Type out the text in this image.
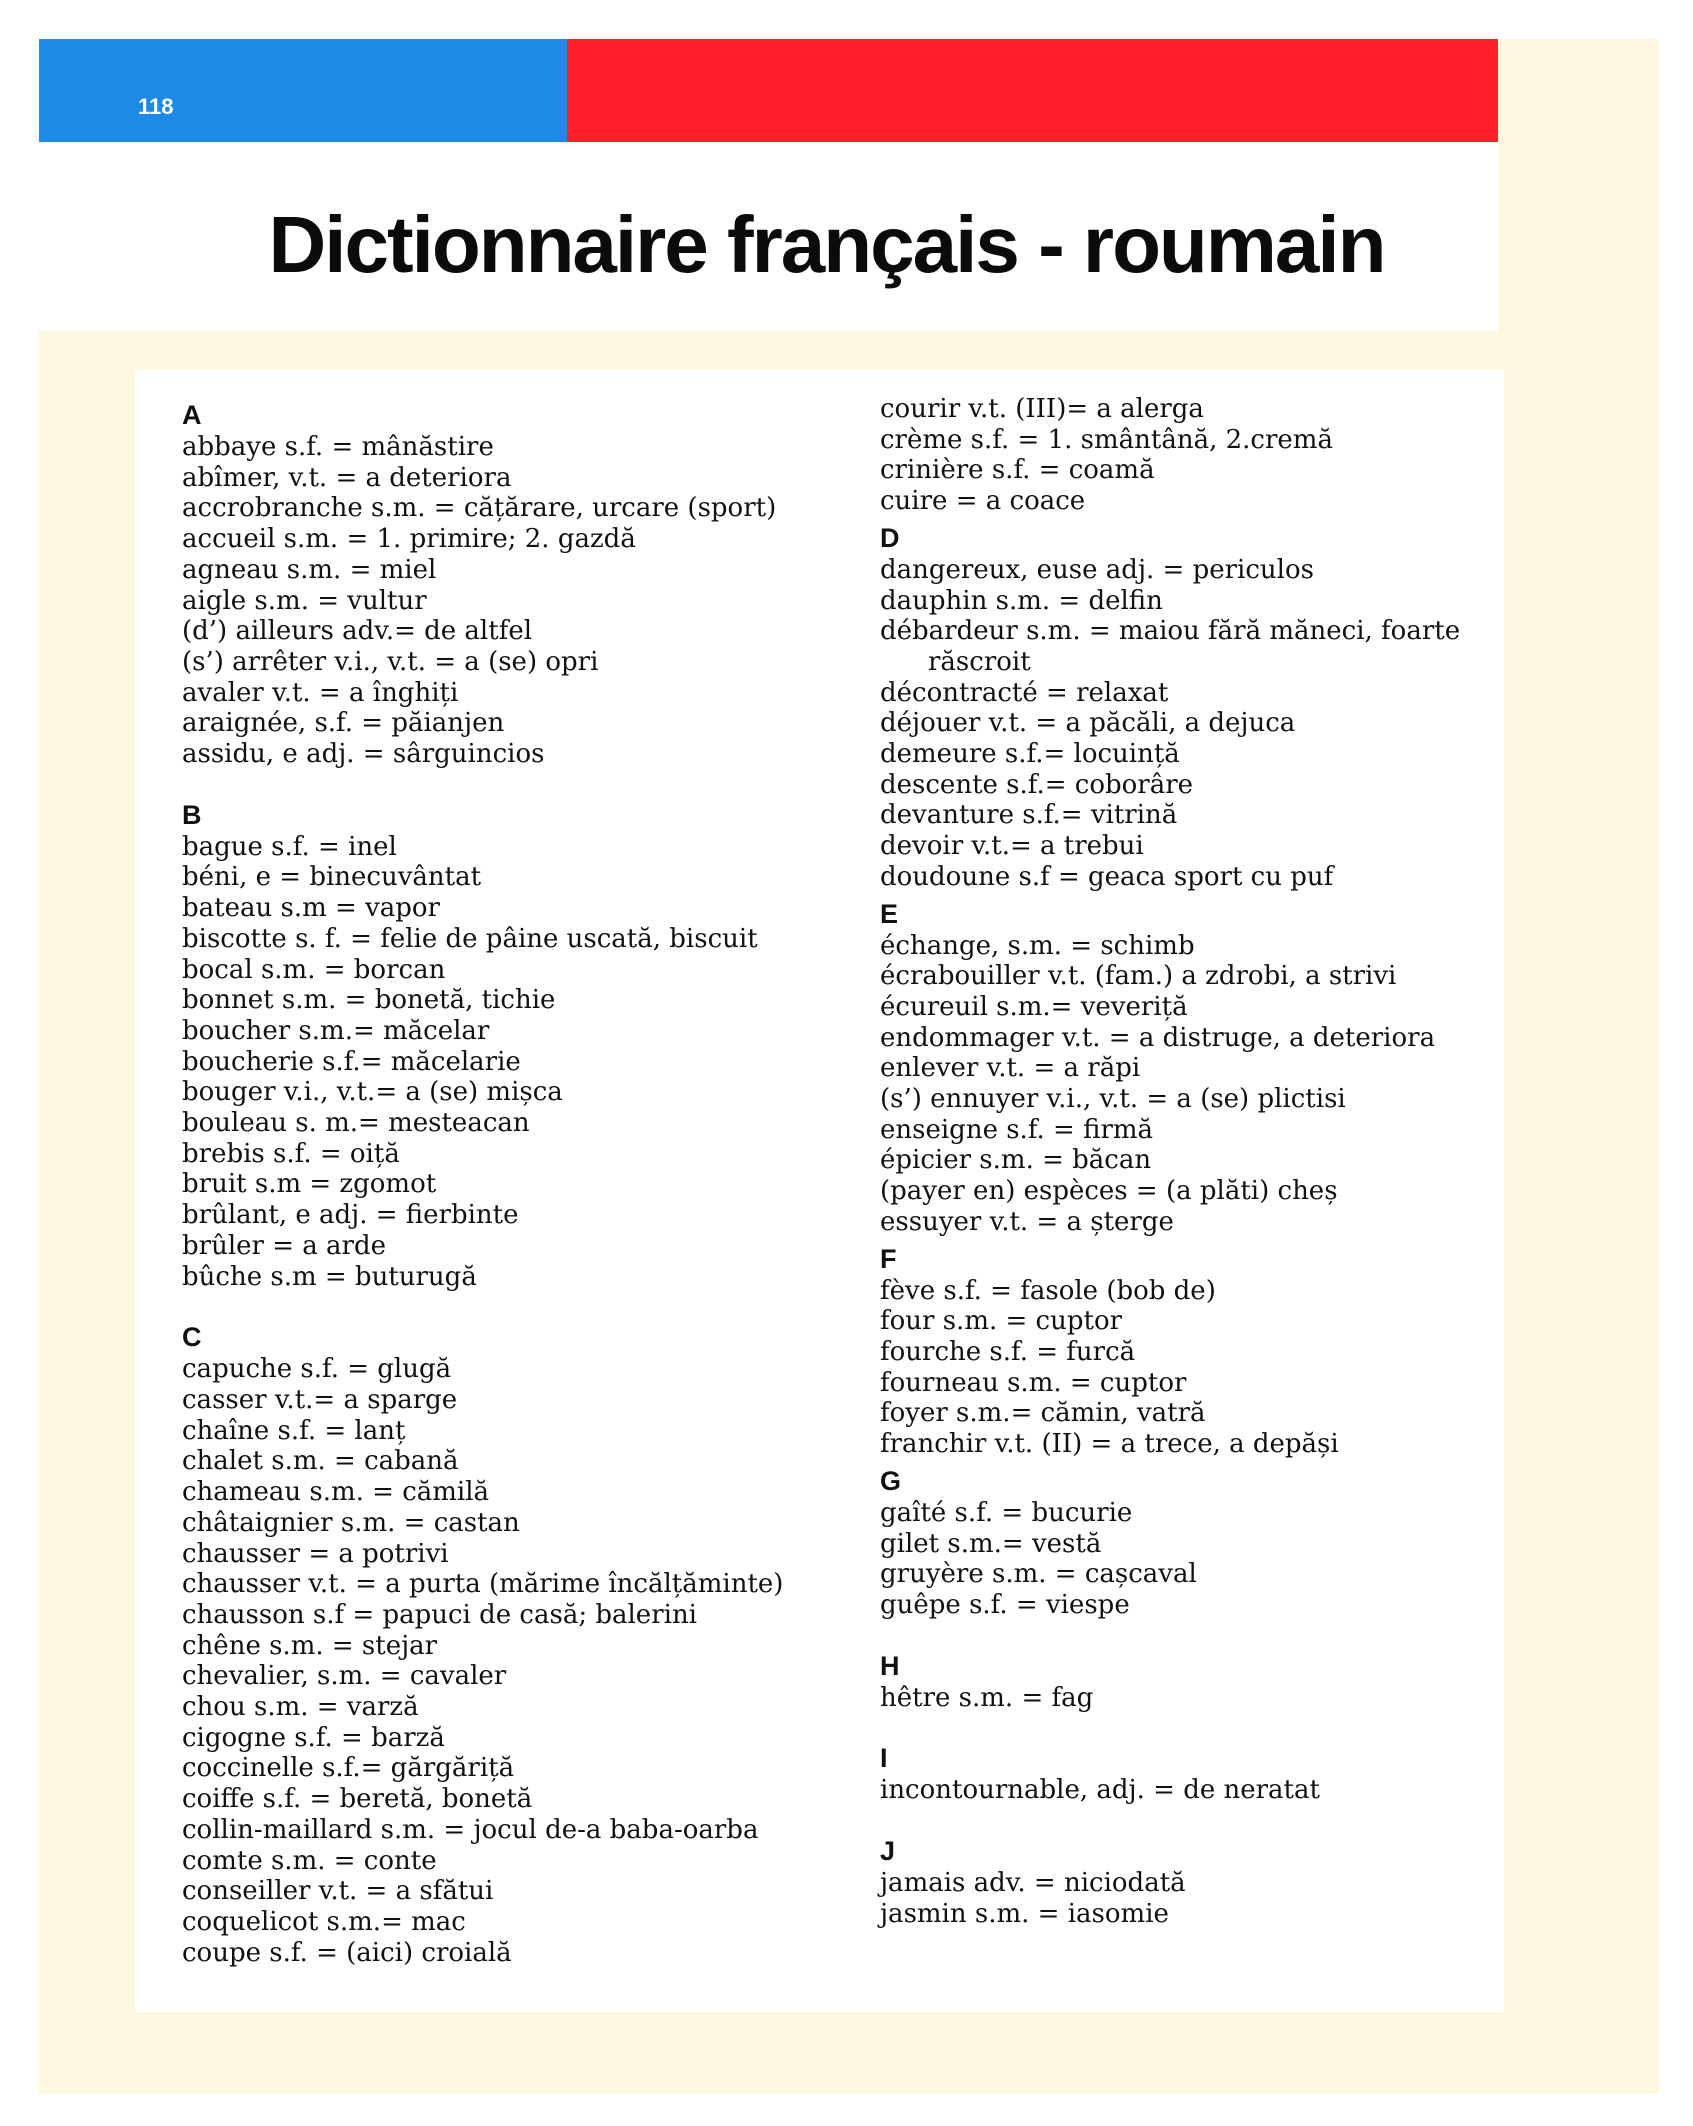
118
Dictionnaire français - roumain
A
abbaye s.f. = mânăstire
abîmer, v.t. = a deteriora
accrobranche s.m. = cățărare, urcare (sport)
accueil s.m. = 1. primire; 2. gazdă
agneau s.m. = miel
aigle s.m. = vultur
(d’) ailleurs adv.= de altfel
(s’) arrêter v.i., v.t. = a (se) opri
avaler v.t. = a înghiți
araignée, s.f. = păianjen
assidu, e adj. = sârguincios
B
bague s.f. = inel
béni, e = binecuvântat
bateau s.m = vapor
biscotte s. f. = felie de pâine uscată, biscuit
bocal s.m. = borcan
bonnet s.m. = bonetă, tichie
boucher s.m.= măcelar
boucherie s.f.= măcelarie
bouger v.i., v.t.= a (se) mișca
bouleau s. m.= mesteacan
brebis s.f. = oiță
bruit s.m = zgomot
brûlant, e adj. = fierbinte
brûler = a arde
bûche s.m = buturugă
C
capuche s.f. = glugă
casser v.t.= a sparge
chaîne s.f. = lanț
chalet s.m. = cabană
chameau s.m. = cămilă
châtaignier s.m. = castan
chausser = a potrivi
chausser v.t. = a purta (mărime încălțăminte)
chausson s.f = papuci de casă; balerini
chêne s.m. = stejar
chevalier, s.m. = cavaler
chou s.m. = varză
cigogne s.f. = barză
coccinelle s.f.= gărgăriță
coiffe s.f. = beretă, bonetă
collin-maillard s.m. = jocul de-a baba-oarba
comte s.m. = conte
conseiller v.t. = a sfătui
coquelicot s.m.= mac
coupe s.f. = (aici) croială
courir v.t. (III)= a alerga
crème s.f. = 1. smântână, 2.cremă
crinière s.f. = coamă
cuire = a coace
D
dangereux, euse adj. = periculos
dauphin s.m. = delfin
débardeur s.m. = maiou fără măneci, foarte răscroit
décontracté = relaxat
déjouer v.t. = a păcăli, a dejuca
demeure s.f.= locuință
descente s.f.= coborâre
devanture s.f.= vitrină
devoir v.t.= a trebui
doudoune s.f = geaca sport cu puf
E
échange, s.m. = schimb
écrabouiller v.t. (fam.) a zdrobi, a strivi
écureuil s.m.= veveriță
endommager v.t. = a distruge, a deteriora
enlever v.t. = a răpi
(s’) ennuyer v.i., v.t. = a (se) plictisi
enseigne s.f. = firmă
épicier s.m. = băcan
(payer en) espèces = (a plăti) cheș
essuyer v.t. = a șterge
F
fève s.f. = fasole (bob de)
four s.m. = cuptor
fourche s.f. = furcă
fourneau s.m. = cuptor
foyer s.m.= cămin, vatră
franchir v.t. (II) = a trece, a depăși
G
gaîté s.f. = bucurie
gilet s.m.= vestă
gruyère s.m. = cașcaval
guêpe s.f. = viespe
H
hêtre s.m. = fag
I
incontournable, adj. = de neratat
J
jamais adv. = niciodată
jasmin s.m. = iasomie
